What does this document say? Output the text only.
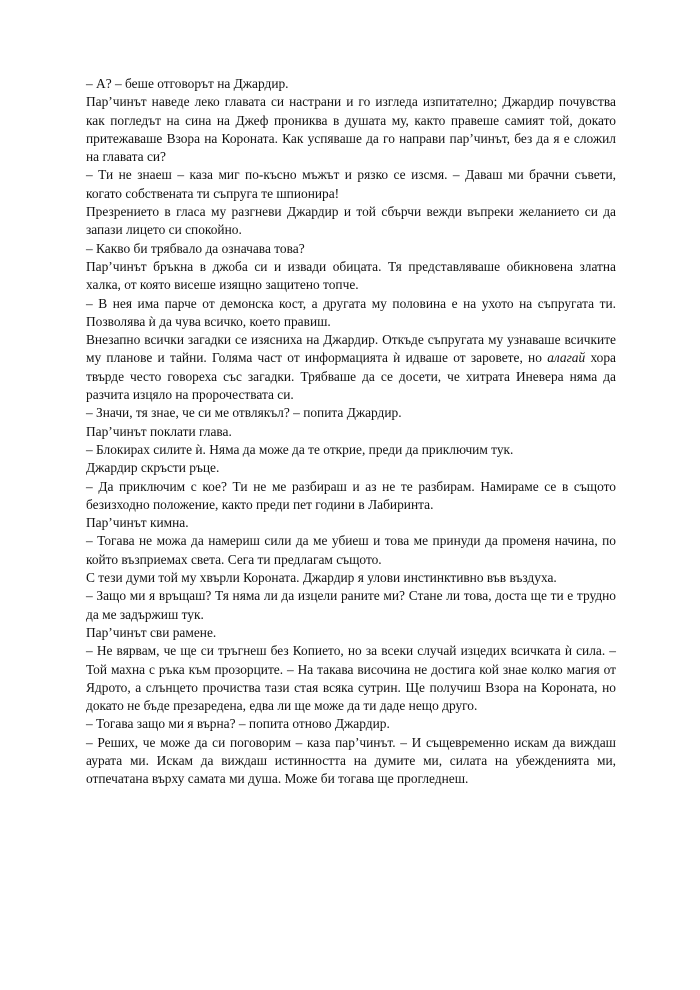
– А? – беше отговорът на Джардир.

Пар’чинът наведе леко главата си настрани и го изгледа изпитателно; Джардир почувства как погледът на сина на Джеф прониква в душата му, както правеше самият той, докато притежаваше Взора на Короната. Как успяваше да го направи пар’чинът, без да я е сложил на главата си?

– Ти не знаеш – каза миг по-късно мъжът и рязко се изсмя. – Даваш ми брачни съвети, когато собствената ти съпруга те шпионира!

Презрението в гласа му разгневи Джардир и той сбърчи вежди въпреки желанието си да запази лицето си спокойно.

– Какво би трябвало да означава това?

Пар’чинът бръкна в джоба си и извади обицата. Тя представляваше обикновена златна халка, от която висеше изящно защитено топче.

– В нея има парче от демонска кост, а другата му половина е на ухото на съпругата ти. Позволява ѝ да чува всичко, което правиш.

Внезапно всички загадки се изясниха на Джардир. Откъде съпругата му узнаваше всичките му планове и тайни. Голяма част от информацията ѝ идваше от заровете, но алагай хора твърде често говореха със загадки. Трябваше да се досети, че хитрата Иневера няма да разчита изцяло на пророчествата си.

– Значи, тя знае, че си ме отвлякъл? – попита Джардир.

Пар’чинът поклати глава.

– Блокирах силите ѝ. Няма да може да те открие, преди да приключим тук.

Джардир скръсти ръце.

– Да приключим с кое? Ти не ме разбираш и аз не те разбирам. Намираме се в същото безизходно положение, както преди пет години в Лабиринта.

Пар’чинът кимна.

– Тогава не можа да намериш сили да ме убиеш и това ме принуди да променя начина, по който възприемах света. Сега ти предлагам същото.

С тези думи той му хвърли Короната. Джардир я улови инстинктивно във въздуха.

– Защо ми я връщаш? Тя няма ли да изцели раните ми? Стане ли това, доста ще ти е трудно да ме задържиш тук.

Пар’чинът сви рамене.

– Не вярвам, че ще си тръгнеш без Копието, но за всеки случай изцедих всичката ѝ сила. – Той махна с ръка към прозорците. – На такава височина не достига кой знае колко магия от Ядрото, а слънцето прочиства тази стая всяка сутрин. Ще получиш Взора на Короната, но докато не бъде презаредена, едва ли ще може да ти даде нещо друго.

– Тогава защо ми я върна? – попита отново Джардир.

– Реших, че може да си поговорим – каза пар’чинът. – И същевременно искам да виждаш аурата ми. Искам да виждаш истинността на думите ми, силата на убежденията ми, отпечатана върху самата ми душа. Може би тогава ще прогледнеш.
